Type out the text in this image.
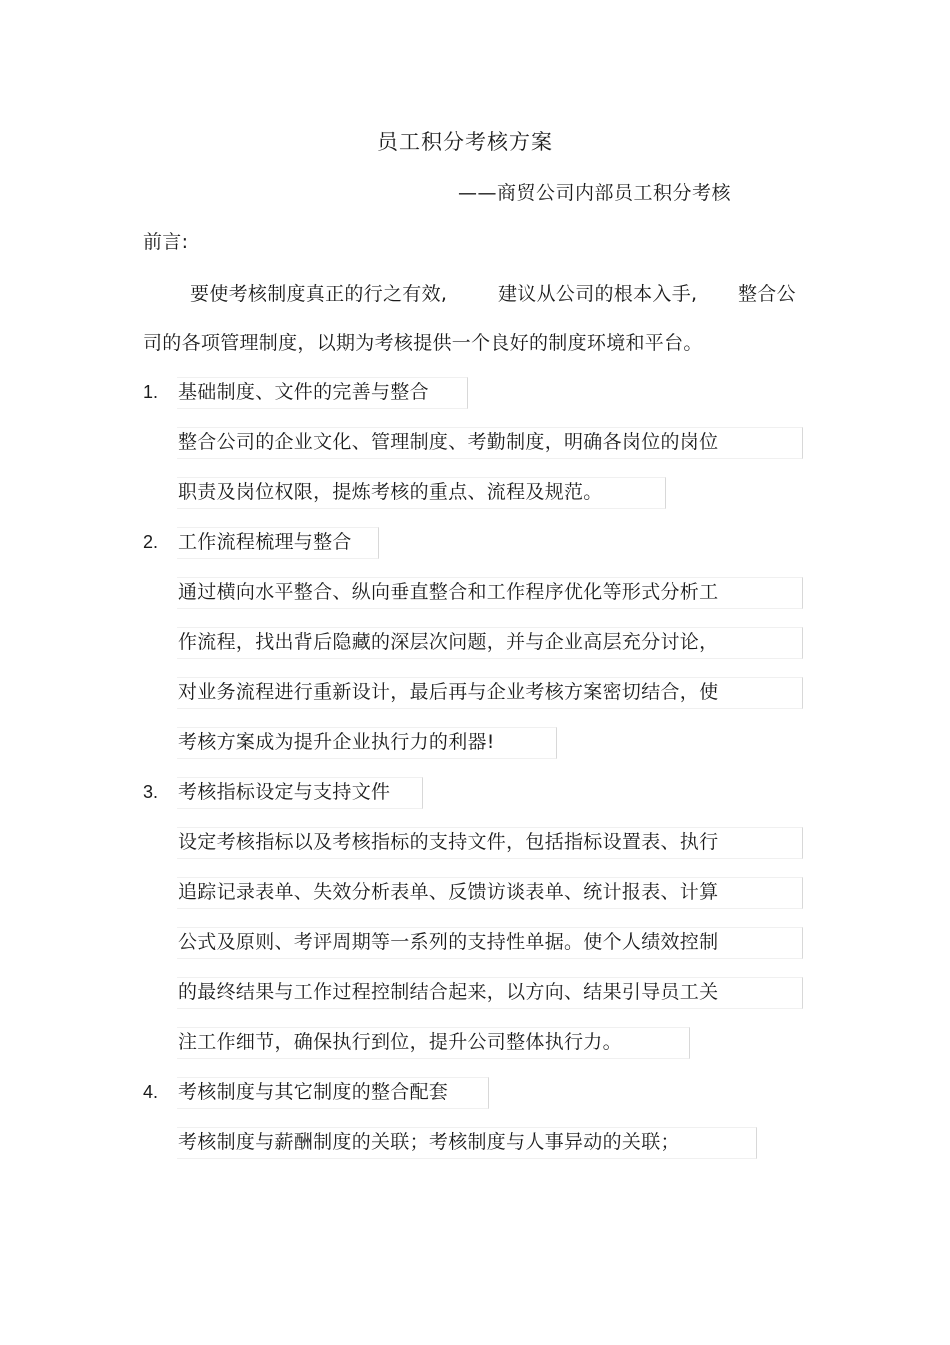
员工积分考核方案
——商贸公司内部员工积分考核
前言:
要使考核制度真正的行之有效,	建议从公司的根本入手, 整合公
司的各项管理制度，以期为考核提供一个良好的制度环境和平台。
1. 基础制度、文件的完善与整合
整合公司的企业文化、管理制度、考勤制度，明确各岗位的岗位
职责及岗位权限，提炼考核的重点、流程及规范。
2. 工作流程梳理与整合
通过横向水平整合、纵向垂直整合和工作程序优化等形式分析工
作流程，找出背后隐藏的深层次问题，并与企业高层充分讨论，
对业务流程进行重新设计，最后再与企业考核方案密切结合，使
考核方案成为提升企业执行力的利器!
3. 考核指标设定与支持文件
设定考核指标以及考核指标的支持文件，包括指标设置表、执行
追踪记录表单、失效分析表单、反馈访谈表单、统计报表、计算
公式及原则、考评周期等一系列的支持性单据。使个人绩效控制
的最终结果与工作过程控制结合起来，以方向、结果引导员工关
注工作细节，确保执行到位，提升公司整体执行力。
4. 考核制度与其它制度的整合配套
考核制度与薪酬制度的关联；考核制度与人事异动的关联；
